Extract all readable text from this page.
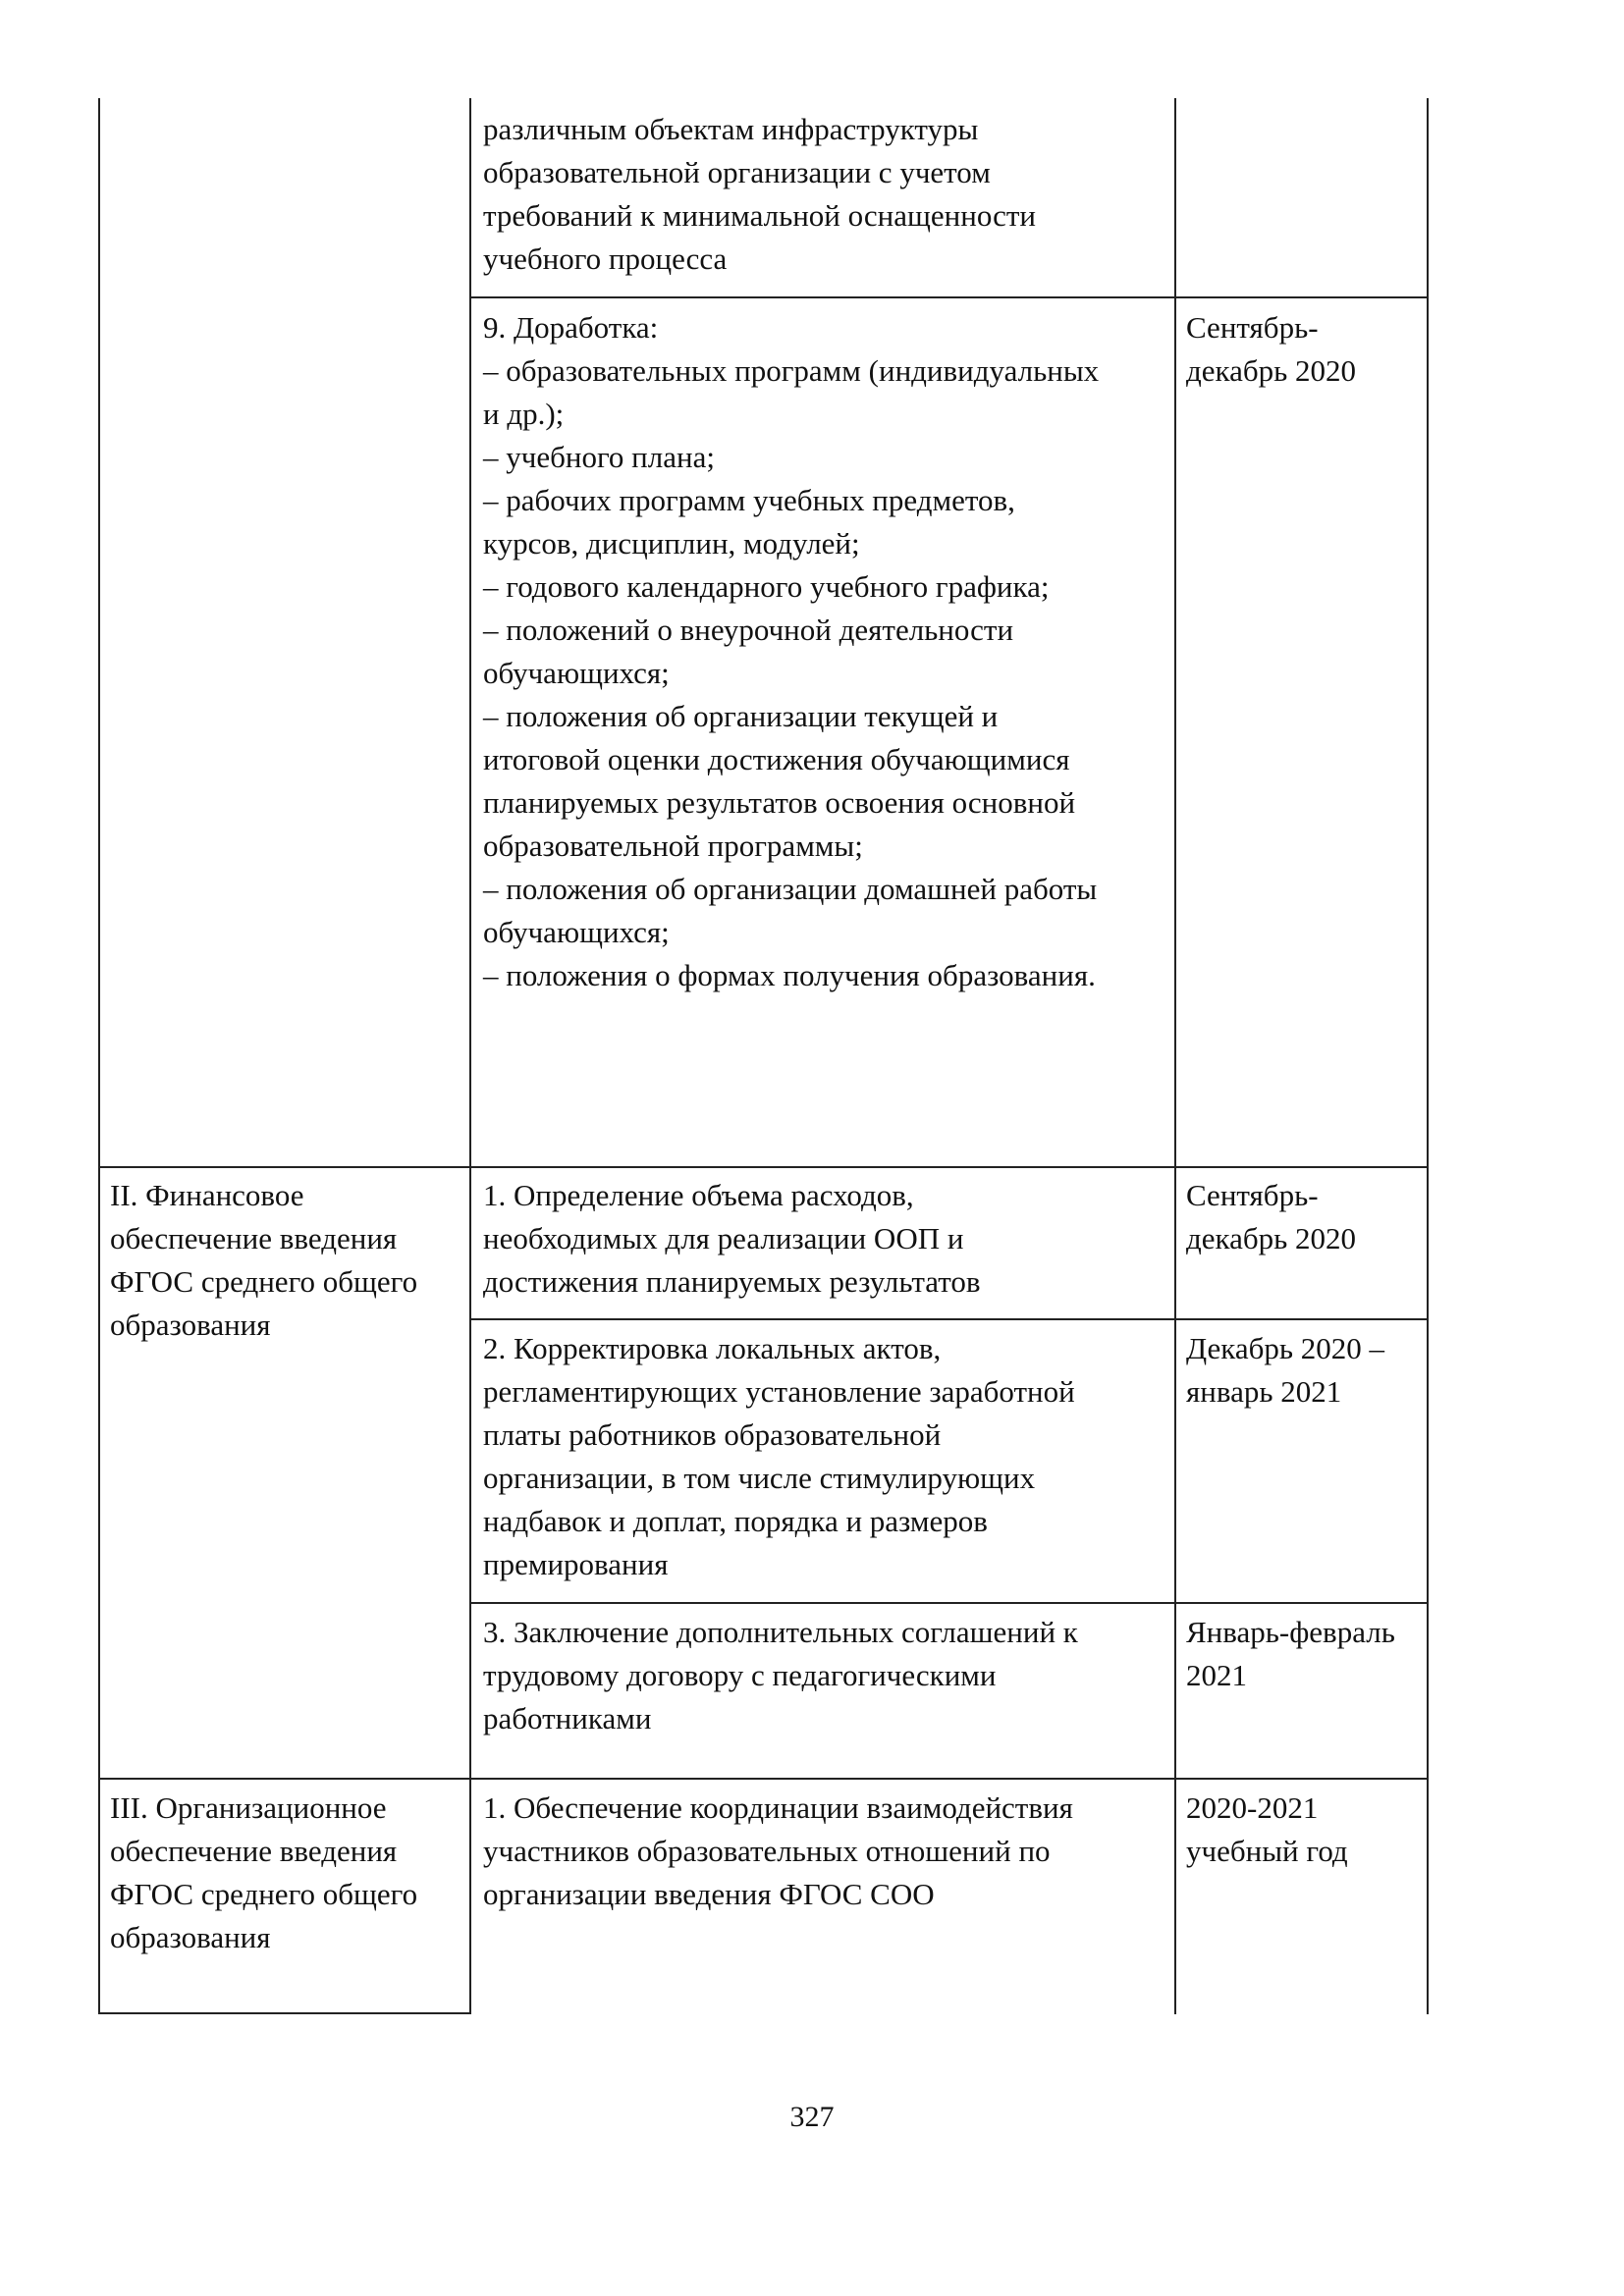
различным объектам инфраструктуры
образовательной организации с учетом
требований к минимальной оснащенности
учебного процесса
9. Доработка:
– образовательных программ (индивидуальных
и др.);
– учебного плана;
– рабочих программ учебных предметов,
курсов, дисциплин, модулей;
– годового календарного учебного графика;
– положений о внеурочной деятельности
обучающихся;
– положения об организации текущей и
итоговой оценки достижения обучающимися
планируемых результатов освоения основной
образовательной программы;
– положения об организации домашней работы
обучающихся;
– положения о формах получения образования.
Сентябрь-
декабрь 2020
II. Финансовое
обеспечение введения
ФГОС среднего общего
образования
1. Определение объема расходов,
необходимых для реализации ООП и
достижения планируемых результатов
Сентябрь-
декабрь 2020
2. Корректировка локальных актов,
регламентирующих установление заработной
платы работников образовательной
организации, в том числе стимулирующих
надбавок и доплат, порядка и размеров
премирования
Декабрь 2020 –
январь 2021
3. Заключение дополнительных соглашений к
трудовому договору с педагогическими
работниками
Январь-февраль
2021
III. Организационное
обеспечение введения
ФГОС среднего общего
образования
1. Обеспечение координации взаимодействия
участников образовательных отношений по
организации введения ФГОС СОО
2020-2021
учебный год
327
